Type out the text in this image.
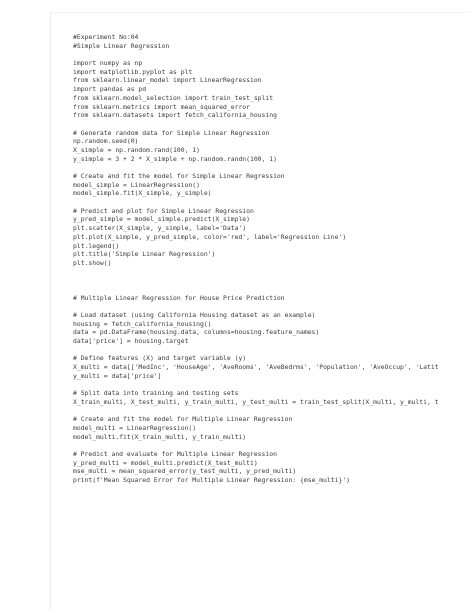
#Experiment No:04
#Simple Linear Regression
import numpy as np
import matplotlib.pyplot as plt
from sklearn.linear_model import LinearRegression
import pandas as pd
from sklearn.model_selection import train_test_split
from sklearn.metrics import mean_squared_error
from sklearn.datasets import fetch_california_housing
# Generate random data for Simple Linear Regression
np.random.seed(0)
X_simple = np.random.rand(100, 1)
y_simple = 3 + 2 * X_simple + np.random.randn(100, 1)
# Create and fit the model for Simple Linear Regression
model_simple = LinearRegression()
model_simple.fit(X_simple, y_simple)
# Predict and plot for Simple Linear Regression
y_pred_simple = model_simple.predict(X_simple)
plt.scatter(X_simple, y_simple, label='Data')
plt.plot(X_simple, y_pred_simple, color='red', label='Regression Line')
plt.legend()
plt.title('Simple Linear Regression')
plt.show()
# Multiple Linear Regression for House Price Prediction
# Load dataset (using California Housing dataset as an example)
housing = fetch_california_housing()
data = pd.DataFrame(housing.data, columns=housing.feature_names)
data['price'] = housing.target
# Define features (X) and target variable (y)
X_multi = data[['MedInc', 'HouseAge', 'AveRooms', 'AveBedrms', 'Population', 'AveOccup', 'Latit
y_multi = data['price']
# Split data into training and testing sets
X_train_multi, X_test_multi, y_train_multi, y_test_multi = train_test_split(X_multi, y_multi, t
# Create and fit the model for Multiple Linear Regression
model_multi = LinearRegression()
model_multi.fit(X_train_multi, y_train_multi)
# Predict and evaluate for Multiple Linear Regression
y_pred_multi = model_multi.predict(X_test_multi)
mse_multi = mean_squared_error(y_test_multi, y_pred_multi)
print(f'Mean Squared Error for Multiple Linear Regression: {mse_multi}')
